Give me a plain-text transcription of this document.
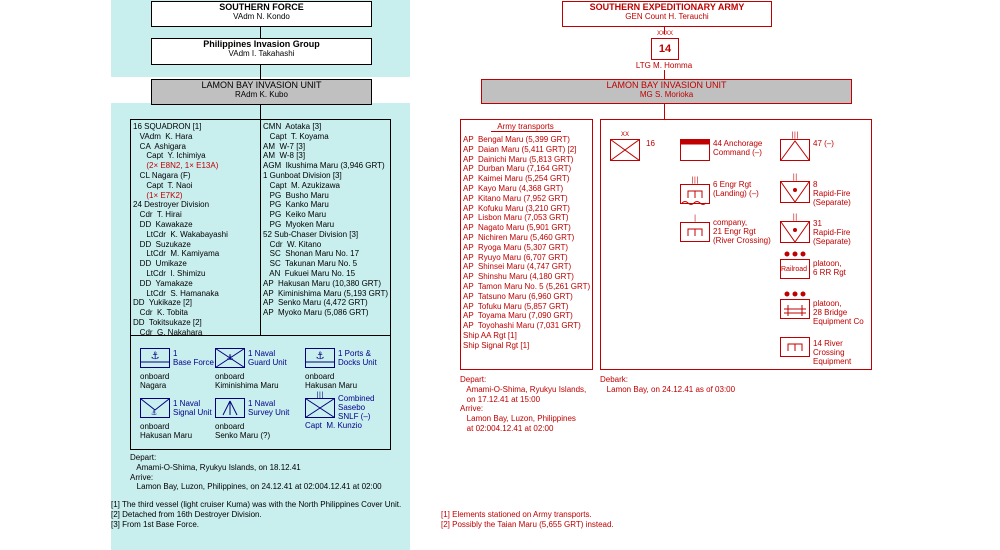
SOUTHERN FORCE
VAdm N. Kondo
Philippines Invasion Group
VAdm I. Takahashi
LAMON BAY INVASION UNIT
RAdm K. Kubo
16 SQUADRON [1]
VAdm  K. Hara
CA  Ashigara
Capt  Y. Ichimiya
(2× E8N2, 1× E13A)
CL Nagara (F)
Capt  T. Naoi
(1× E7K2)
24 Destroyer Division
Cdr  T. Hirai
DD  Kawakaze
LtCdr  K. Wakabayashi
DD  Suzukaze
LtCdr  M. Kamiyama
DD  Umikaze
LtCdr  I. Shimizu
DD  Yamakaze
LtCdr  S. Hamanaka
DD  Yukikaze [2]
Cdr  K. Tobita
DD  Tokitsukaze [2]
Cdr  G. Nakahara
CMN  Aotaka [3]
Capt  T. Koyama
AM  W-7 [3]
AM  W-8 [3]
AGM  Ikushima Maru (3,946 GRT)
1 Gunboat Division [3]
Capt  M. Azukizawa
PG  Busho Maru
PG  Kanko Maru
PG  Keiko Maru
PG  Myoken Maru
52 Sub-Chaser Division [3]
Cdr  W. Kitano
SC  Shonan Maru No. 17
SC  Takunan Maru No. 5
AN  Fukuei Maru No. 15
AP  Hakusan Maru (10,380 GRT)
AP  Kiminishima Maru (5,193 GRT)
AP  Senko Maru (4,472 GRT)
AP  Myoko Maru (5,086 GRT)
⚓ 1
Base Force
onboard
Nagara
⚓ 1 Naval
Guard Unit
onboard
Kiminishima Maru
⚓ 1 Ports &
Docks Unit
onboard
Hakusan Maru
⚓
1 Naval
Signal Unit
onboard
Hakusan Maru
1 Naval
Survey Unit
onboard
Senko Maru (?)
||| Combined
Sasebo
SNLF (–)
Capt  M. Kunzio
Depart:
Amami-O-Shima, Ryukyu Islands, on 18.12.41
Arrive:
Lamon Bay, Luzon, Philippines, on 24.12.41 at 02:004.12.41 at 02:00
[1] The third vessel (light cruiser Kuma) was with the North Philippines Cover Unit.
[2] Detached from 16th Destroyer Division.
[3] From 1st Base Force.
SOUTHERN EXPEDITIONARY ARMY
GEN Count H. Terauchi
XXXX
14
LTG M. Homma
LAMON BAY INVASION UNIT
MG S. Morioka
Army transports
AP  Bengal Maru (5,399 GRT)
AP  Daian Maru (5,411 GRT) [2]
AP  Dainichi Maru (5,813 GRT)
AP  Durban Maru (7,164 GRT)
AP  Kaimei Maru (5,254 GRT)
AP  Kayo Maru (4,368 GRT)
AP  Kitano Maru (7,952 GRT)
AP  Kofuku Maru (3,210 GRT)
AP  Lisbon Maru (7,053 GRT)
AP  Nagato Maru (5,901 GRT)
AP  Nichiren Maru (5,460 GRT)
AP  Ryoga Maru (5,307 GRT)
AP  Ryuyo Maru (6,707 GRT)
AP  Shinsei Maru (4,747 GRT)
AP  Shinshu Maru (4,180 GRT)
AP  Tamon Maru No. 5 (5,261 GRT)
AP  Tatsuno Maru (6,960 GRT)
AP  Tofuku Maru (5,857 GRT)
AP  Toyama Maru (7,090 GRT)
AP  Toyohashi Maru (7,031 GRT)
Ship AA Rgt [1]
Ship Signal Rgt [1]
XX
16	44 Anchorage
Command (–)
|||
47 (–)
||| 6 Engr Rgt
(Landing) (–)
||
8
Rapid-Fire
(Separate)
| company,
21 Engr Rgt
(River Crossing)
||
31
Rapid-Fire
(Separate)
Railroad
platoon,
6 RR Rgt
platoon,
28 Bridge
Equipment Co
14 River
Crossing
Equipment
Depart:
Amami-O-Shima, Ryukyu Islands,
on 17.12.41 at 15:00
Arrive:
Lamon Bay, Luzon, Philippines
at 02:004.12.41 at 02:00
Debark:
Lamon Bay, on 24.12.41 as of 03:00
[1] Elements stationed on Army transports.
[2] Possibly the Taian Maru (5,655 GRT) instead.
